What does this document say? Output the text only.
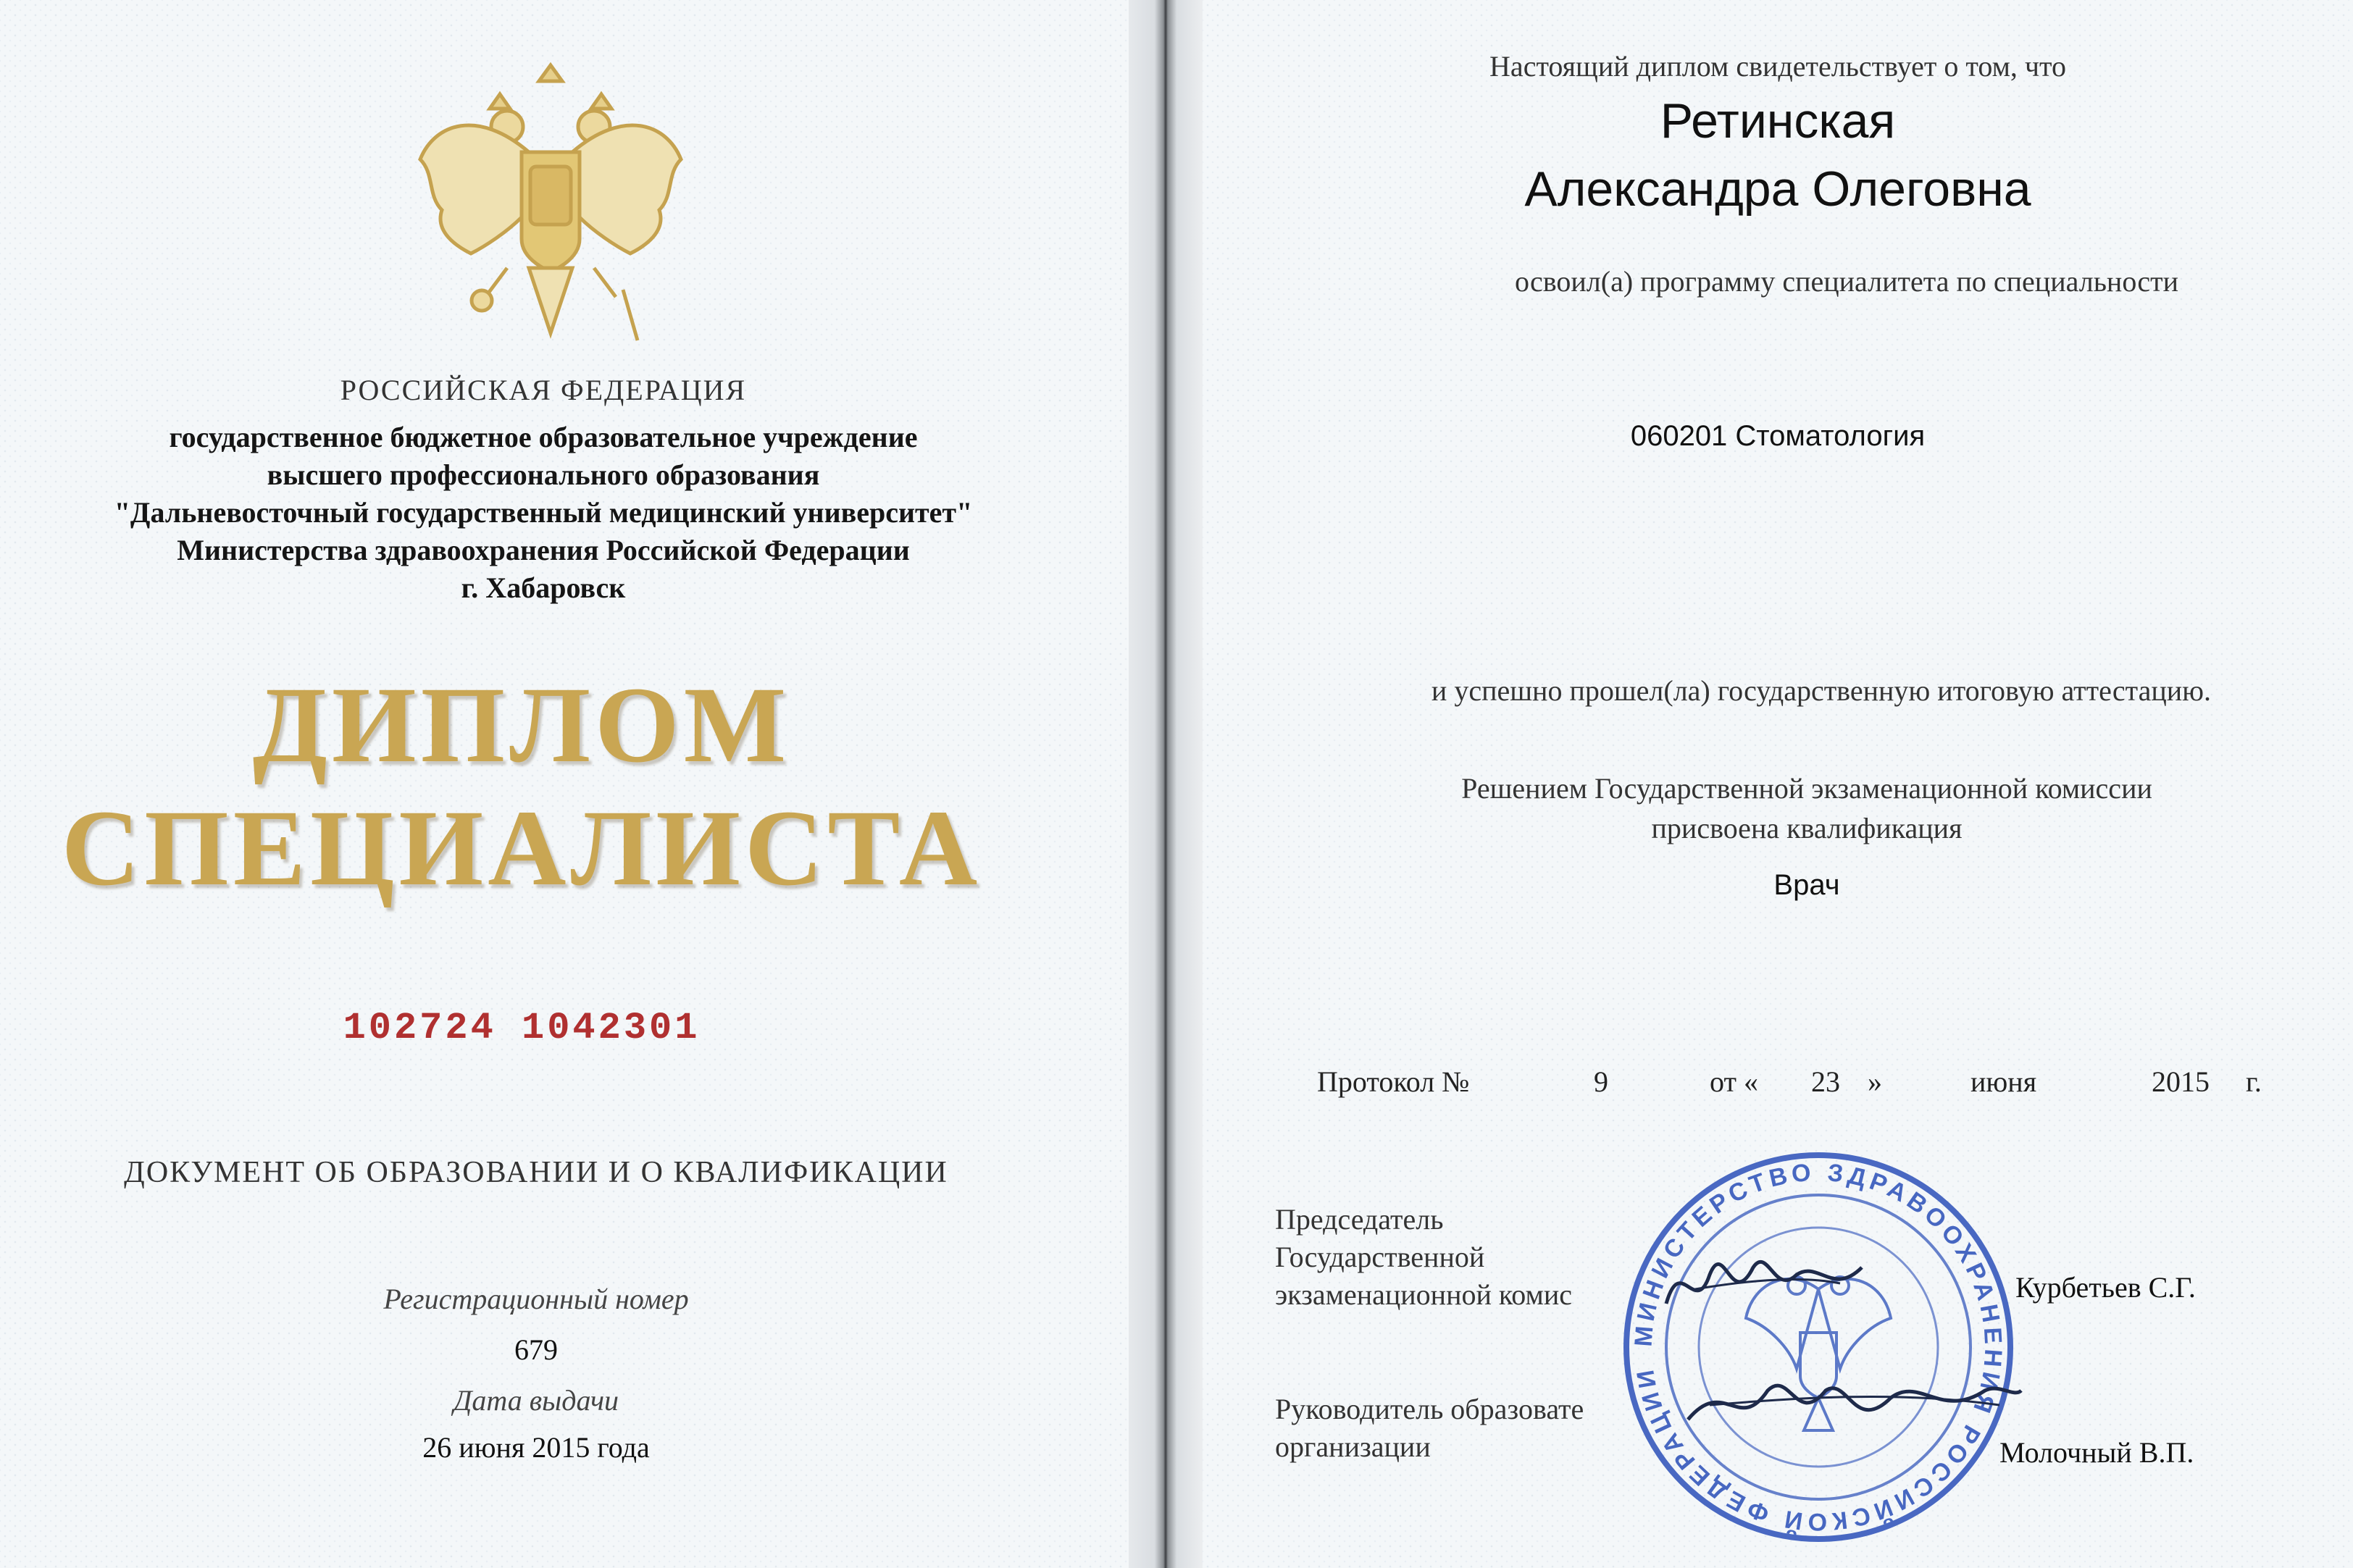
РОССИЙСКАЯ ФЕДЕРАЦИЯ
государственное бюджетное образовательное учреждение
высшего профессионального образования
"Дальневосточный государственный медицинский университет"
Министерства здравоохранения Российской Федерации
г. Хабаровск
ДИПЛОМ
СПЕЦИАЛИСТА
102724 1042301
ДОКУМЕНТ ОБ ОБРАЗОВАНИИ И О КВАЛИФИКАЦИИ
Регистрационный номер
679
Дата выдачи
26 июня 2015 года
Настоящий диплом свидетельствует о том, что
Ретинская
Александра Олеговна
освоил(а) программу специалитета по специальности
060201 Стоматология
и успешно прошел(ла) государственную итоговую аттестацию.
Решением Государственной экзаменационной комиссии
присвоена квалификация
Врач
Протокол №	9	от « 23 »	июня	2015 г.
Председатель
Государственной
экзаменационной комис	Курбетьев С.Г.
Руководитель образовате
организации	Молочный В.П.
МИНИСТЕРСТВО ЗДРАВООХРАНЕНИЯ РОССИЙСКОЙ ФЕДЕРАЦИИ
